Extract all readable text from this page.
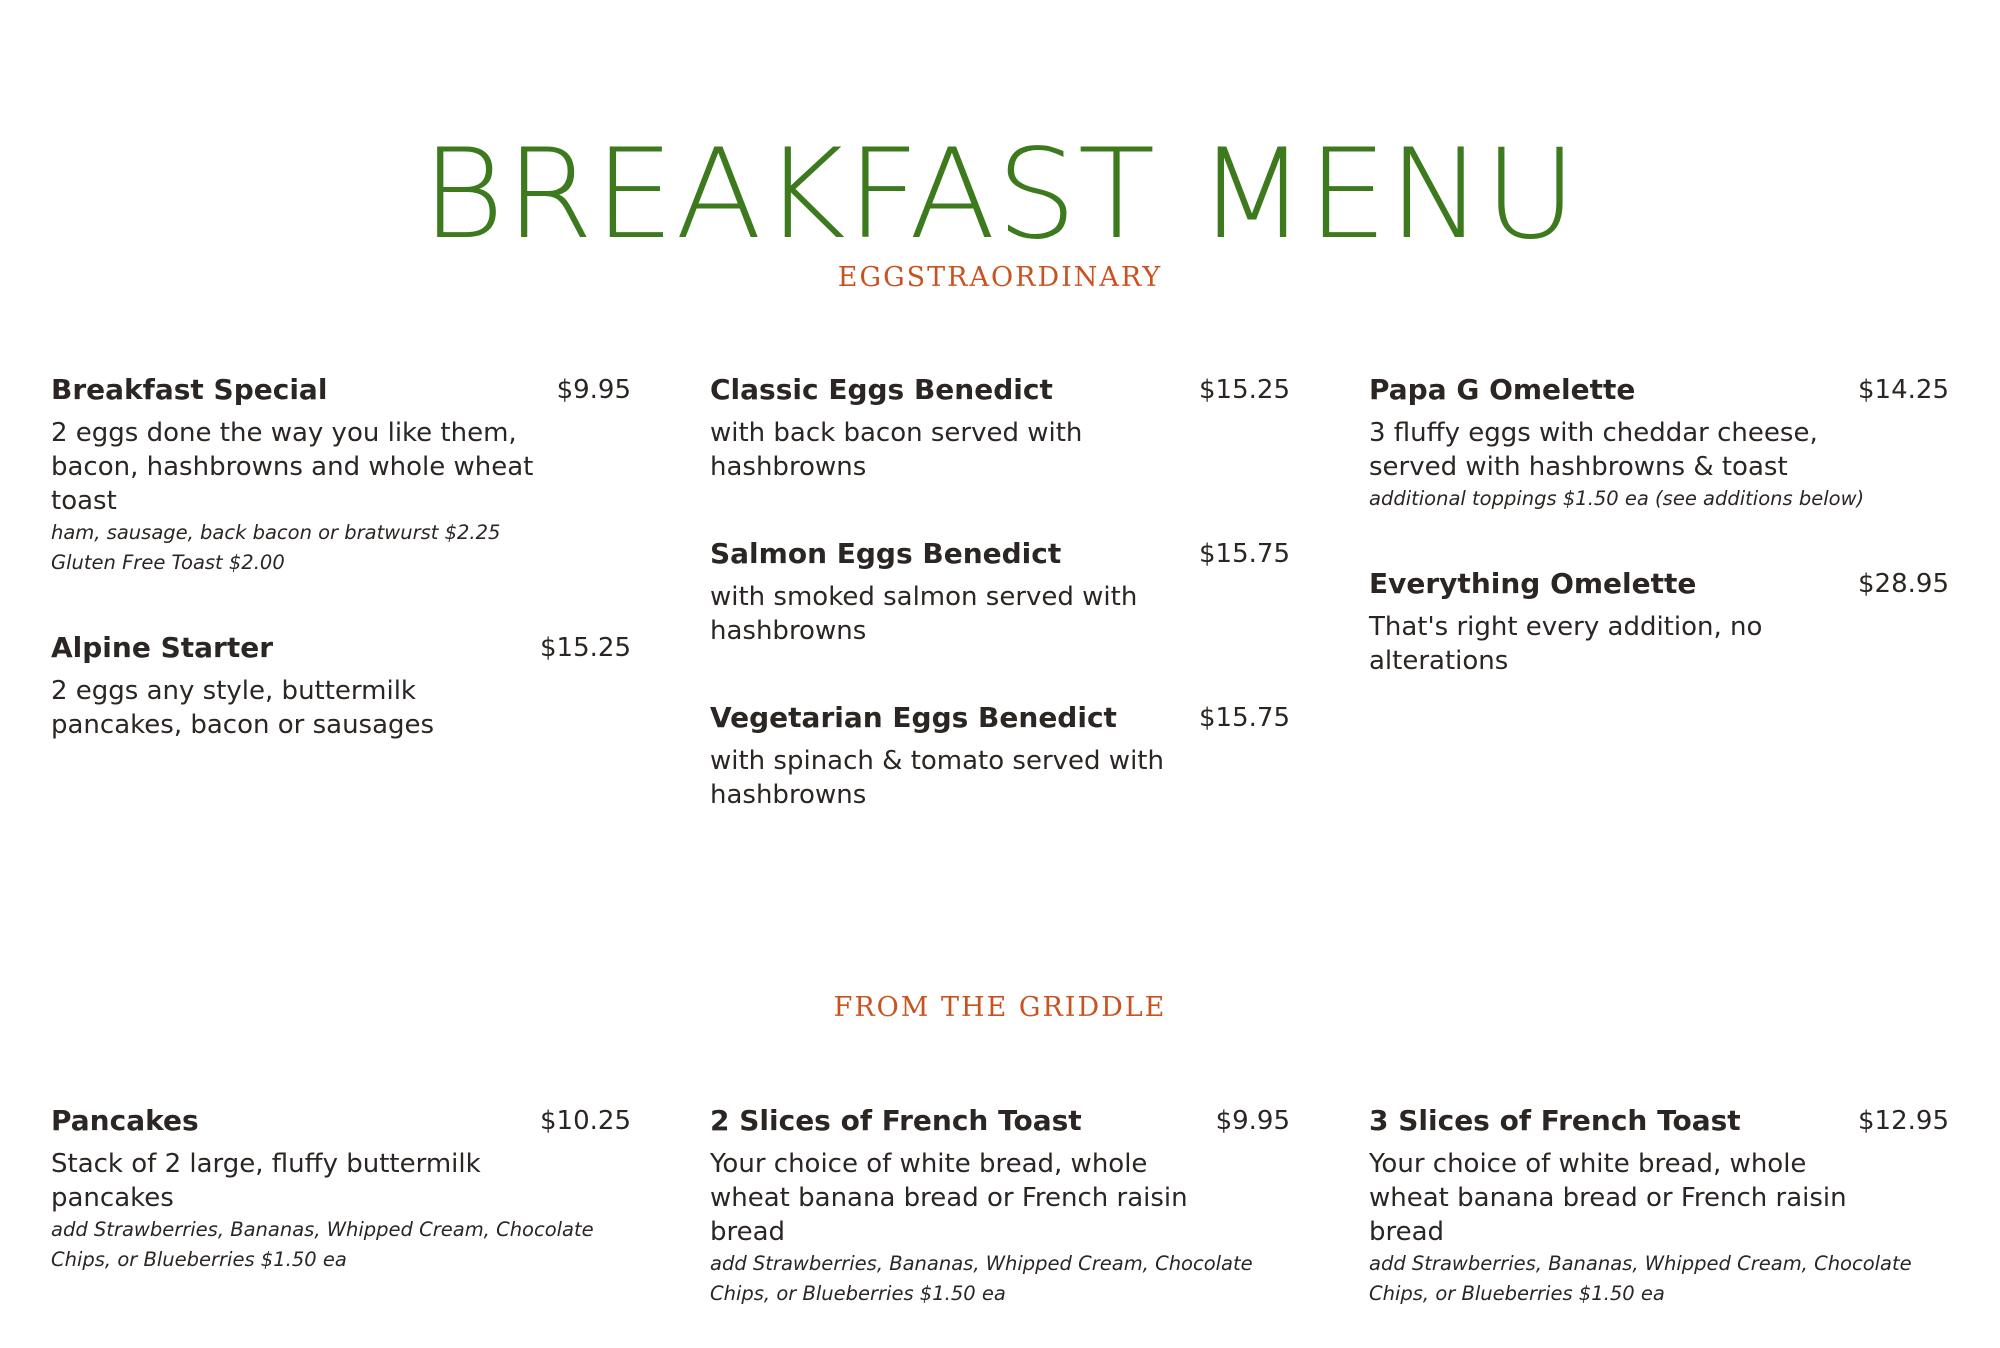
BREAKFAST MENU
EGGSTRAORDINARY
Breakfast Special	$9.95
2 eggs done the way you like them, bacon, hashbrowns and whole wheat toast
ham, sausage, back bacon or bratwurst $2.25
Gluten Free Toast $2.00
Alpine Starter	$15.25
2 eggs any style, buttermilk pancakes, bacon or sausages
Classic Eggs Benedict	$15.25
with back bacon served with hashbrowns
Salmon Eggs Benedict	$15.75
with smoked salmon served with hashbrowns
Vegetarian Eggs Benedict	$15.75
with spinach & tomato served with hashbrowns
Papa G Omelette	$14.25
3 fluffy eggs with cheddar cheese, served with hashbrowns & toast
additional toppings $1.50 ea (see additions below)
Everything Omelette	$28.95
That's right every addition, no alterations
FROM THE GRIDDLE
Pancakes	$10.25
Stack of 2 large, fluffy buttermilk pancakes
add Strawberries, Bananas, Whipped Cream, Chocolate
Chips, or Blueberries $1.50 ea
2 Slices of French Toast	$9.95
Your choice of white bread, whole wheat banana bread or French raisin bread
add Strawberries, Bananas, Whipped Cream, Chocolate
Chips, or Blueberries $1.50 ea
3 Slices of French Toast	$12.95
Your choice of white bread, whole wheat banana bread or French raisin bread
add Strawberries, Bananas, Whipped Cream, Chocolate
Chips, or Blueberries $1.50 ea
